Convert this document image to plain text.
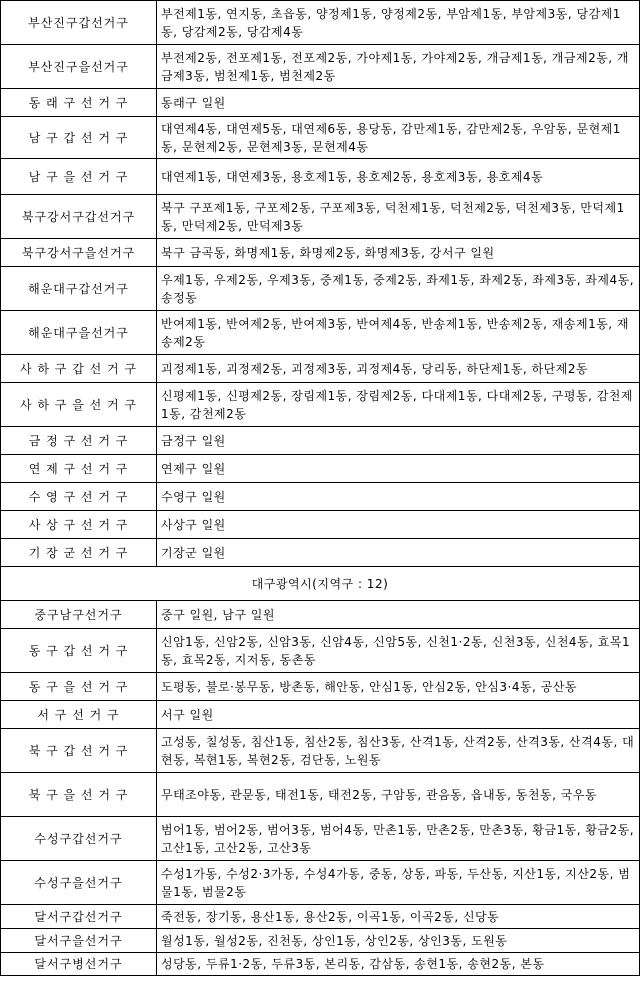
부산진구갑선거구	부전제1동, 연지동, 초읍동, 양정제1동, 양정제2동, 부암제1동, 부암제3동, 당감제1동, 당감제2동, 당감제4동
부산진구을선거구	부전제2동, 전포제1동, 전포제2동, 가야제1동, 가야제2동, 개금제1동, 개금제2동, 개금제3동, 범천제1동, 범천제2동
동 래 구 선 거 구	동래구 일원
남 구 갑 선 거 구	대연제4동, 대연제5동, 대연제6동, 용당동, 감만제1동, 감만제2동, 우암동, 문현제1동, 문현제2동, 문현제3동, 문현제4동
남 구 을 선 거 구	대연제1동, 대연제3동, 용호제1동, 용호제2동, 용호제3동, 용호제4동
북구강서구갑선거구	북구 구포제1동, 구포제2동, 구포제3동, 덕천제1동, 덕천제2동, 덕천제3동, 만덕제1동, 만덕제2동, 만덕제3동
북구강서구을선거구	북구 금곡동, 화명제1동, 화명제2동, 화명제3동, 강서구 일원
해운대구갑선거구	우제1동, 우제2동, 우제3동, 중제1동, 중제2동, 좌제1동, 좌제2동, 좌제3동, 좌제4동, 송정동
해운대구을선거구	반여제1동, 반여제2동, 반여제3동, 반여제4동, 반송제1동, 반송제2동, 재송제1동, 재송제2동
사 하 구 갑 선 거 구	괴정제1동, 괴정제2동, 괴정제3동, 괴정제4동, 당리동, 하단제1동, 하단제2동
사 하 구 을 선 거 구	신평제1동, 신평제2동, 장림제1동, 장림제2동, 다대제1동, 다대제2동, 구평동, 감천제1동, 감천제2동
금 정 구 선 거 구	금정구 일원
연 제 구 선 거 구	연제구 일원
수 영 구 선 거 구	수영구 일원
사 상 구 선 거 구	사상구 일원
기 장 군 선 거 구	기장군 일원
대구광역시(지역구 : 12)	
중구남구선거구	중구 일원, 남구 일원
동 구 갑 선 거 구	신암1동, 신암2동, 신암3동, 신암4동, 신암5동, 신천1·2동, 신천3동, 신천4동, 효목1동, 효목2동, 지저동, 동촌동
동 구 을 선 거 구	도평동, 불로·봉무동, 방촌동, 해안동, 안심1동, 안심2동, 안심3·4동, 공산동
서 구 선 거 구	서구 일원
북 구 갑 선 거 구	고성동, 칠성동, 침산1동, 침산2동, 침산3동, 산격1동, 산격2동, 산격3동, 산격4동, 대현동, 복현1동, 복현2동, 검단동, 노원동
북 구 을 선 거 구	무태조야동, 관문동, 태전1동, 태전2동, 구암동, 관음동, 읍내동, 동천동, 국우동
수성구갑선거구	범어1동, 범어2동, 범어3동, 범어4동, 만촌1동, 만촌2동, 만촌3동, 황금1동, 황금2동, 고산1동, 고산2동, 고산3동
수성구을선거구	수성1가동, 수성2·3가동, 수성4가동, 중동, 상동, 파동, 두산동, 지산1동, 지산2동, 범물1동, 범물2동
달서구갑선거구	죽전동, 장기동, 용산1동, 용산2동, 이곡1동, 이곡2동, 신당동
달서구을선거구	월성1동, 월성2동, 진천동, 상인1동, 상인2동, 상인3동, 도원동
달서구병선거구	성당동, 두류1·2동, 두류3동, 본리동, 감삼동, 송현1동, 송현2동, 본동
